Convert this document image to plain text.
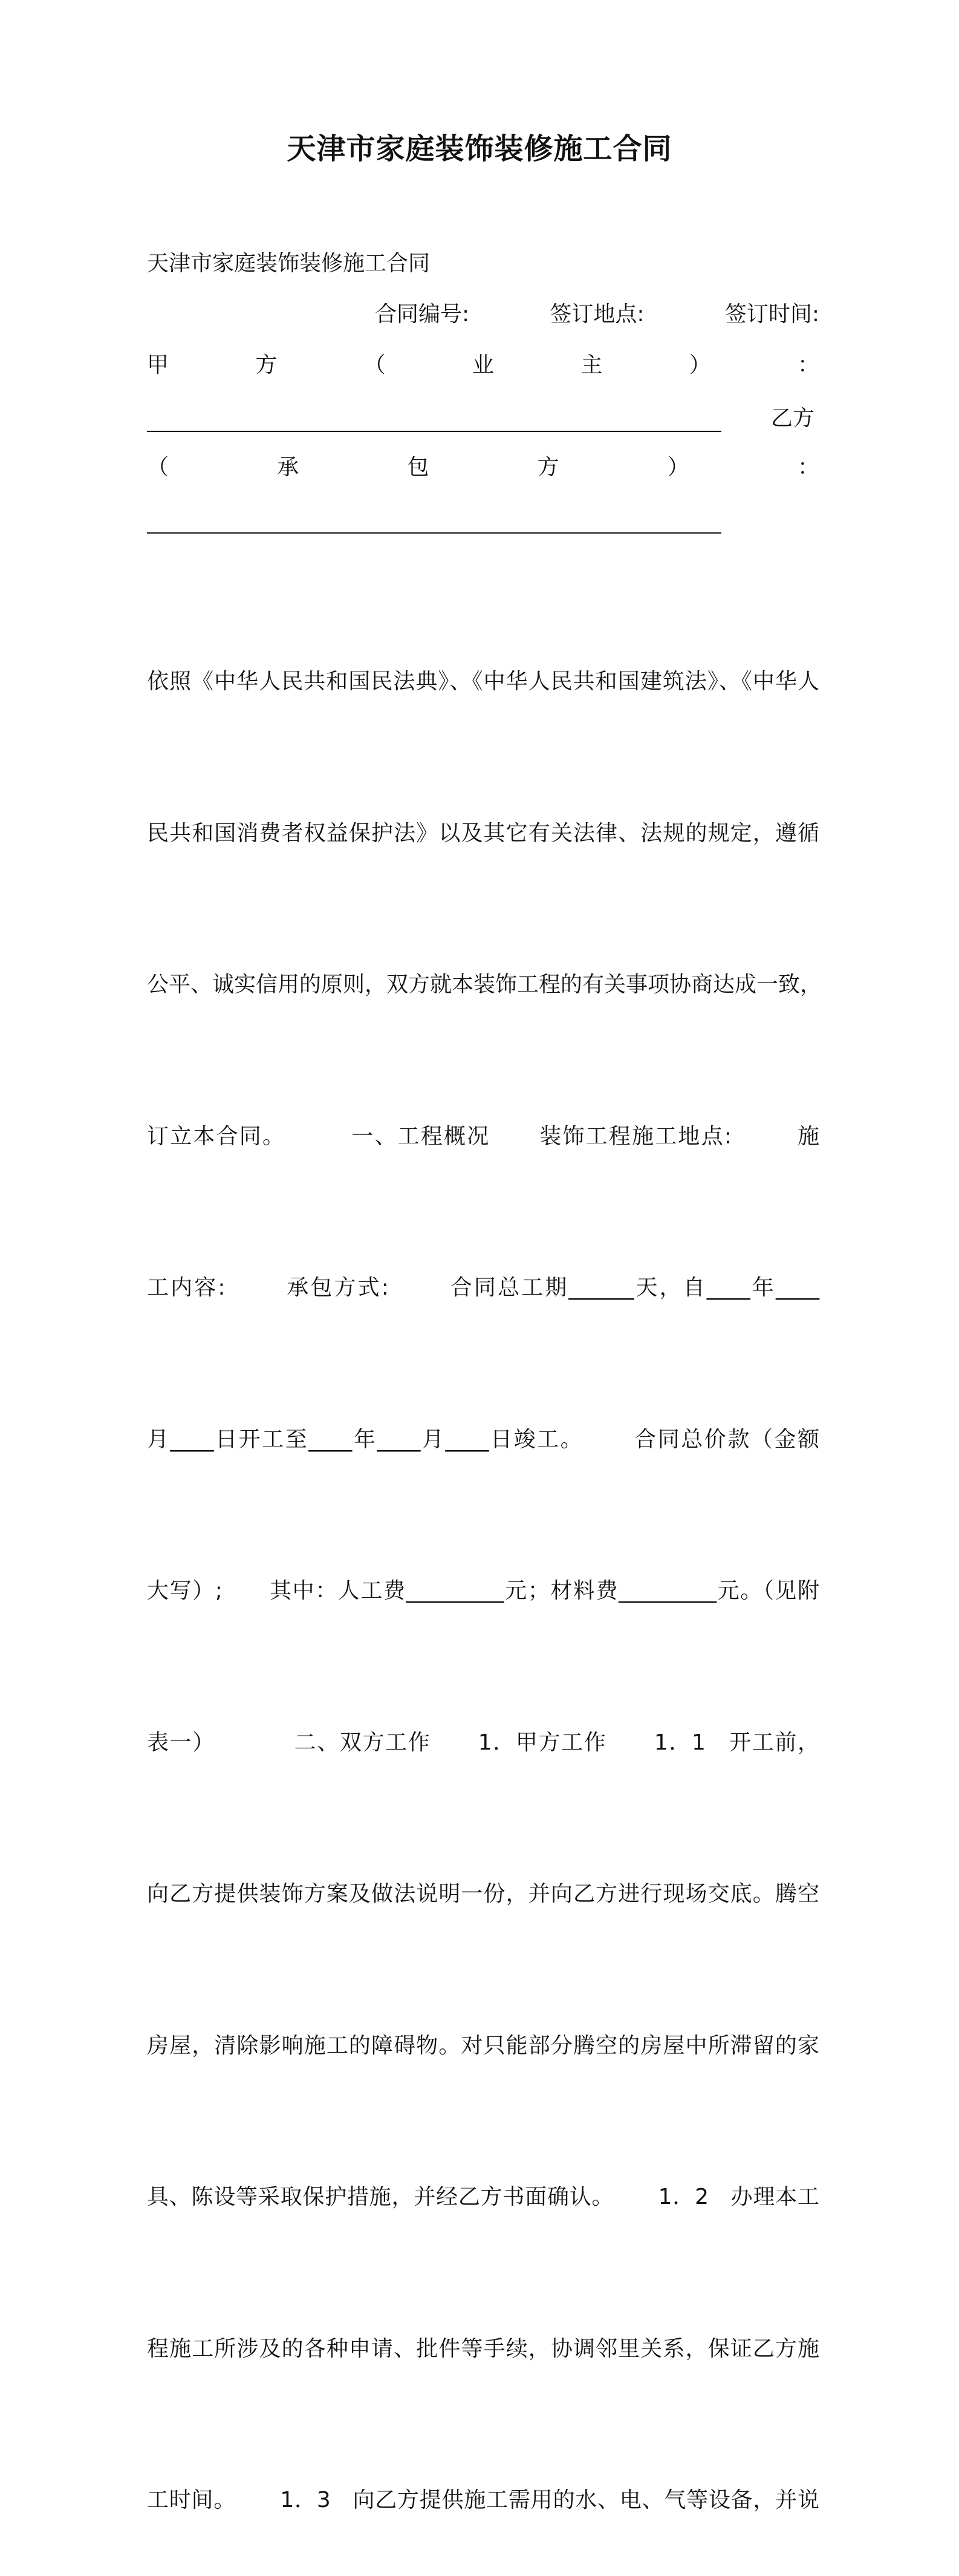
天津市家庭装饰装修施工合同
天津市家庭装饰装修施工合同
合同编号:	签订地点:	签订时间:
甲	方	（	业	主	）	：
乙方
（	承	包	方	）	：

依照《中华人民共和国民法典》、《中华人民共和国建筑法》、《中华人

民共和国消费者权益保护法》以及其它有关法律、法规的规定，遵循

公平、诚实信用的原则，双方就本装饰工程的有关事项协商达成一致，

订立本合同。        一、工程概况      装饰工程施工地点:        施

工内容:       承包方式:       合同总工期______天，自____年____

月____日开工至____年____月____日竣工。      合同总价款（金额

大写）;      其中：人工费_________元；材料费_________元。（见附

表一）          二、双方工作      1．甲方工作      1．1   开工前，

向乙方提供装饰方案及做法说明一份，并向乙方进行现场交底。腾空

房屋，清除影响施工的障碍物。对只能部分腾空的房屋中所滞留的家

具、陈设等采取保护措施，并经乙方书面确认。      1．2   办理本工

程施工所涉及的各种申请、批件等手续，协调邻里关系，保证乙方施

工时间。      1．3   向乙方提供施工需用的水、电、气等设备，并说
